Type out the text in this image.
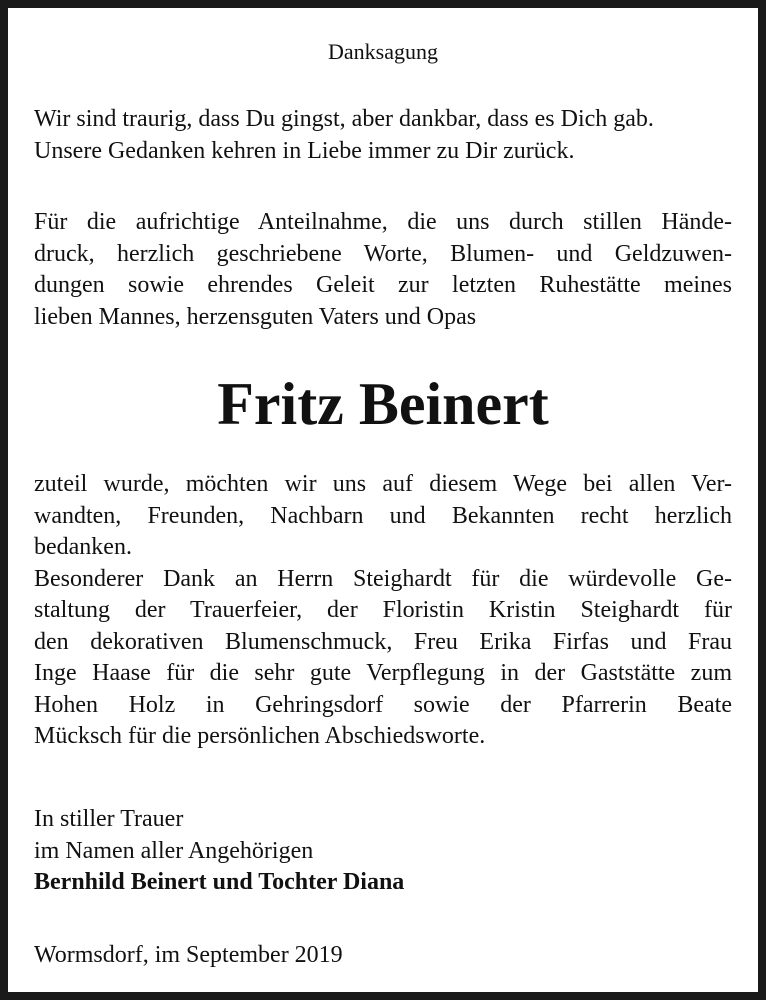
Danksagung
Wir sind traurig, dass Du gingst, aber dankbar, dass es Dich gab.
Unsere Gedanken kehren in Liebe immer zu Dir zurück.
Für die aufrichtige Anteilnahme, die uns durch stillen Hände-
druck, herzlich geschriebene Worte, Blumen- und Geldzuwen-
dungen sowie ehrendes Geleit zur letzten Ruhestätte meines
lieben Mannes, herzensguten Vaters und Opas
Fritz Beinert
zuteil wurde, möchten wir uns auf diesem Wege bei allen Ver-
wandten, Freunden, Nachbarn und Bekannten recht herzlich
bedanken.
Besonderer Dank an Herrn Steighardt für die würdevolle Ge-
staltung der Trauerfeier, der Floristin Kristin Steighardt für
den dekorativen Blumenschmuck, Freu Erika Firfas und Frau
Inge Haase für die sehr gute Verpflegung in der Gaststätte zum
Hohen Holz in Gehringsdorf sowie der Pfarrerin Beate
Mücksch für die persönlichen Abschiedsworte.
In stiller Trauer
im Namen aller Angehörigen
Bernhild Beinert und Tochter Diana
Wormsdorf, im September 2019
